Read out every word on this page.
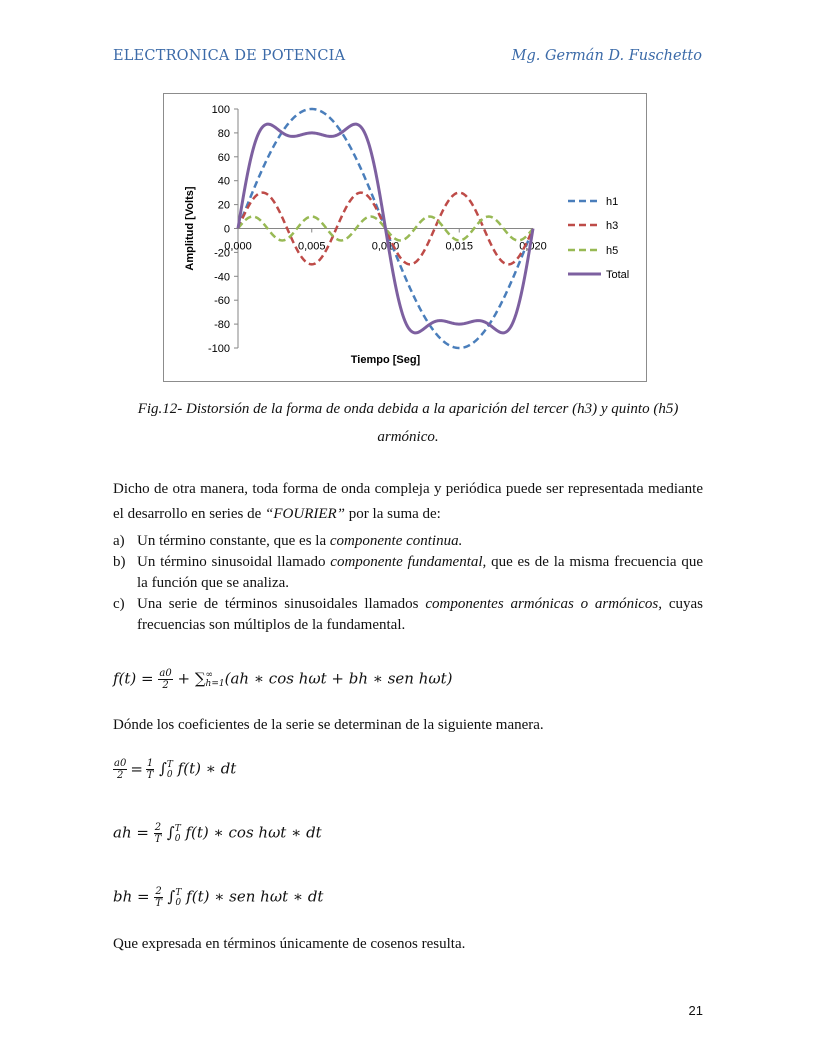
ELECTRONICA DE POTENCIA	Mg. Germán D. Fuschetto
100
80
60
40
20
0
-20
-40
-60
-80
-100
0,000	0,005	0,010	0,015	0,020
Tiempo [Seg]
Amplitud [Volts]	h1
h3
h5
Total
Fig.12- Distorsión de la forma de onda debida a la aparición del tercer (h3) y quinto (h5)
armónico.
Dicho de otra manera, toda forma de onda compleja y periódica puede ser representada mediante el desarrollo en series de “FOURIER” por la suma de:
a) Un término constante, que es la componente continua.
b) Un término sinusoidal llamado componente fundamental, que es de la misma frecuencia que la función que se analiza.
c) Una serie de términos sinusoidales llamados componentes armónicas o armónicos, cuyas frecuencias son múltiplos de la fundamental.
$f(t) = \frac{a0}{2}$ + ∑ ∞
h=1 (ah ∗ cos hωt + bh ∗ sen hωt)
Dónde los coeficientes de la serie se determinan de la siguiente manera.
$\frac{a0}{2} = \frac{1}{T}$ ∫ T
0 f(t) ∗ dt
ah = $\frac{2}{T}$ ∫ T
0 f(t) ∗ cos hωt ∗ dt
bh = $\frac{2}{T}$ ∫ T
0 f(t) ∗ sen hωt ∗ dt
Que expresada en términos únicamente de cosenos resulta.
21
